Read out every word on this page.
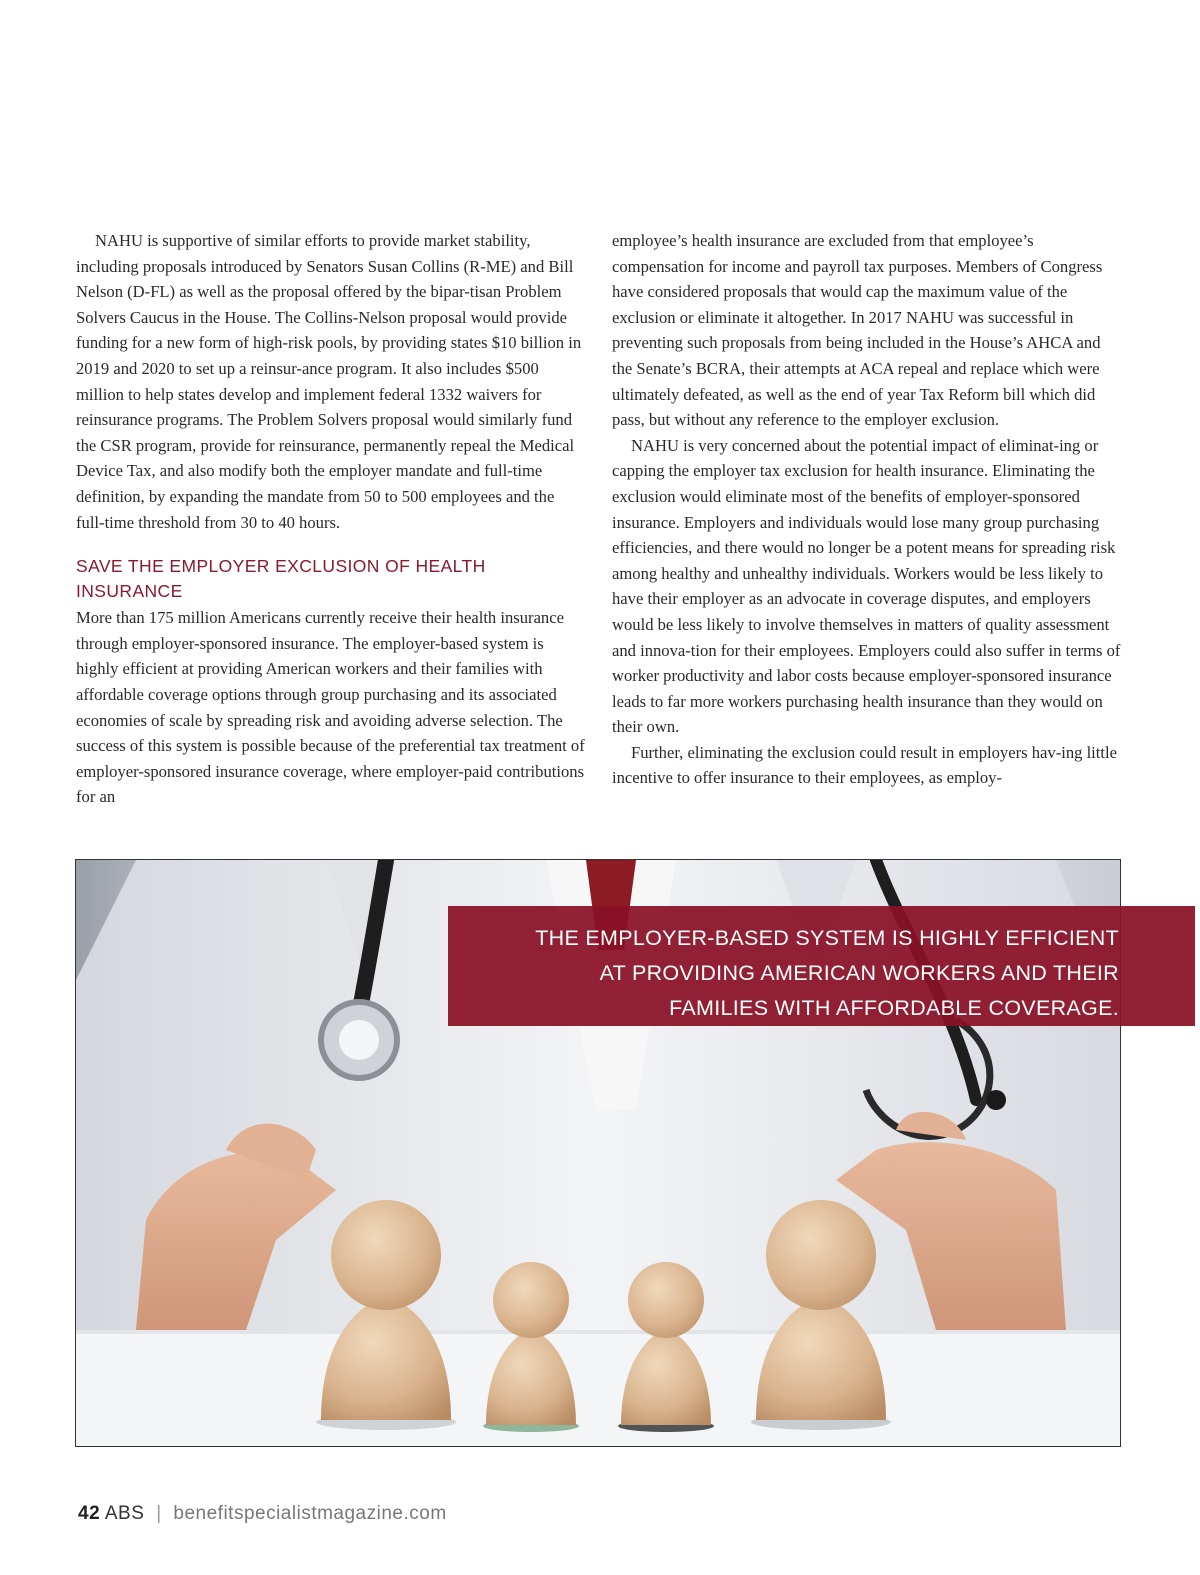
NAHU is supportive of similar efforts to provide market stability, including proposals introduced by Senators Susan Collins (R-ME) and Bill Nelson (D-FL) as well as the proposal offered by the bipar-tisan Problem Solvers Caucus in the House. The Collins-Nelson proposal would provide funding for a new form of high-risk pools, by providing states $10 billion in 2019 and 2020 to set up a reinsur-ance program. It also includes $500 million to help states develop and implement federal 1332 waivers for reinsurance programs. The Problem Solvers proposal would similarly fund the CSR program, provide for reinsurance, permanently repeal the Medical Device Tax, and also modify both the employer mandate and full-time definition, by expanding the mandate from 50 to 500 employees and the full-time threshold from 30 to 40 hours.

SAVE THE EMPLOYER EXCLUSION OF HEALTH INSURANCE

More than 175 million Americans currently receive their health insurance through employer-sponsored insurance. The employer-based system is highly efficient at providing American workers and their families with affordable coverage options through group purchasing and its associated economies of scale by spreading risk and avoiding adverse selection. The success of this system is possible because of the preferential tax treatment of employer-sponsored insurance coverage, where employer-paid contributions for an

employee’s health insurance are excluded from that employee’s compensation for income and payroll tax purposes. Members of Congress have considered proposals that would cap the maximum value of the exclusion or eliminate it altogether. In 2017 NAHU was successful in preventing such proposals from being included in the House’s AHCA and the Senate’s BCRA, their attempts at ACA repeal and replace which were ultimately defeated, as well as the end of year Tax Reform bill which did pass, but without any reference to the employer exclusion.

NAHU is very concerned about the potential impact of eliminat-ing or capping the employer tax exclusion for health insurance. Eliminating the exclusion would eliminate most of the benefits of employer-sponsored insurance. Employers and individuals would lose many group purchasing efficiencies, and there would no longer be a potent means for spreading risk among healthy and unhealthy individuals. Workers would be less likely to have their employer as an advocate in coverage disputes, and employers would be less likely to involve themselves in matters of quality assessment and innova-tion for their employees. Employers could also suffer in terms of worker productivity and labor costs because employer-sponsored insurance leads to far more workers purchasing health insurance than they would on their own.

Further, eliminating the exclusion could result in employers hav-ing little incentive to offer insurance to their employees, as employ-

THE EMPLOYER-BASED SYSTEM IS HIGHLY EFFICIENT
AT PROVIDING AMERICAN WORKERS AND THEIR
FAMILIES WITH AFFORDABLE COVERAGE.
42 ABS | benefitspecialistmagazine.com
